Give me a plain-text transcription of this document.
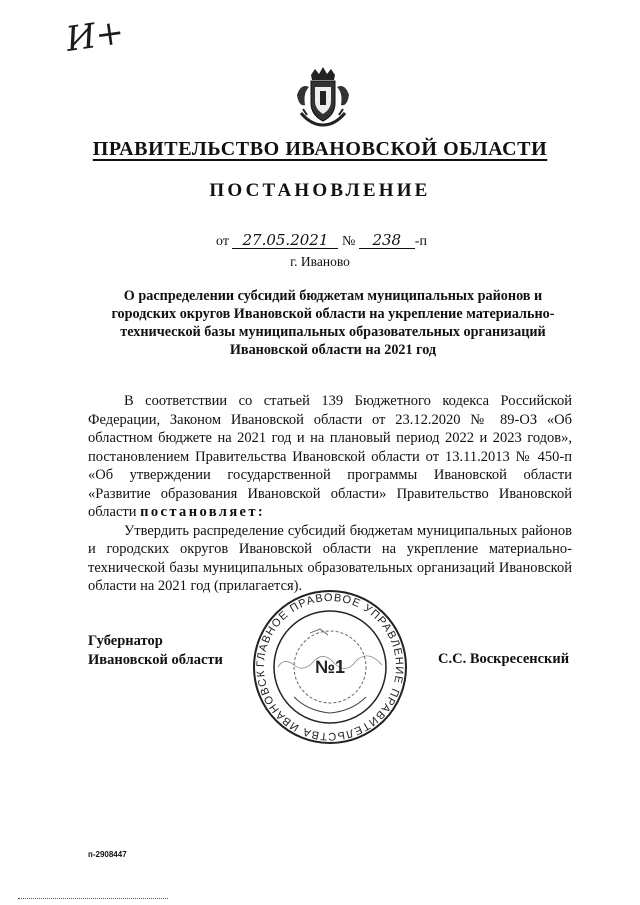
И+
ПРАВИТЕЛЬСТВО ИВАНОВСКОЙ ОБЛАСТИ
ПОСТАНОВЛЕНИЕ
от 27.05.2021 № 238 -п
г. Иваново
О распределении субсидий бюджетам муниципальных районов и городских округов Ивановской области на укрепление материально-технической базы муниципальных образовательных организаций Ивановской области на 2021 год

В соответствии со статьей 139 Бюджетного кодекса Российской Федерации, Законом Ивановской области от 23.12.2020 № 89-ОЗ «Об областном бюджете на 2021 год и на плановый период 2022 и 2023 годов», постановлением Правительства Ивановской области от 13.11.2013 № 450-п «Об утверждении государственной программы Ивановской области «Развитие образования Ивановской области» Правительство Ивановской области постановляет:

Утвердить распределение субсидий бюджетам муниципальных районов и городских округов Ивановской области на укрепление материально-технической базы муниципальных образовательных организаций Ивановской области на 2021 год (прилагается).

Губернатор
Ивановской области	ГЛАВНОЕ ПРАВОВОЕ УПРАВЛЕНИЕ ПРАВИТЕЛЬСТВА ИВАНОВСК	№1	С.С. Воскресенский
п-2908447
